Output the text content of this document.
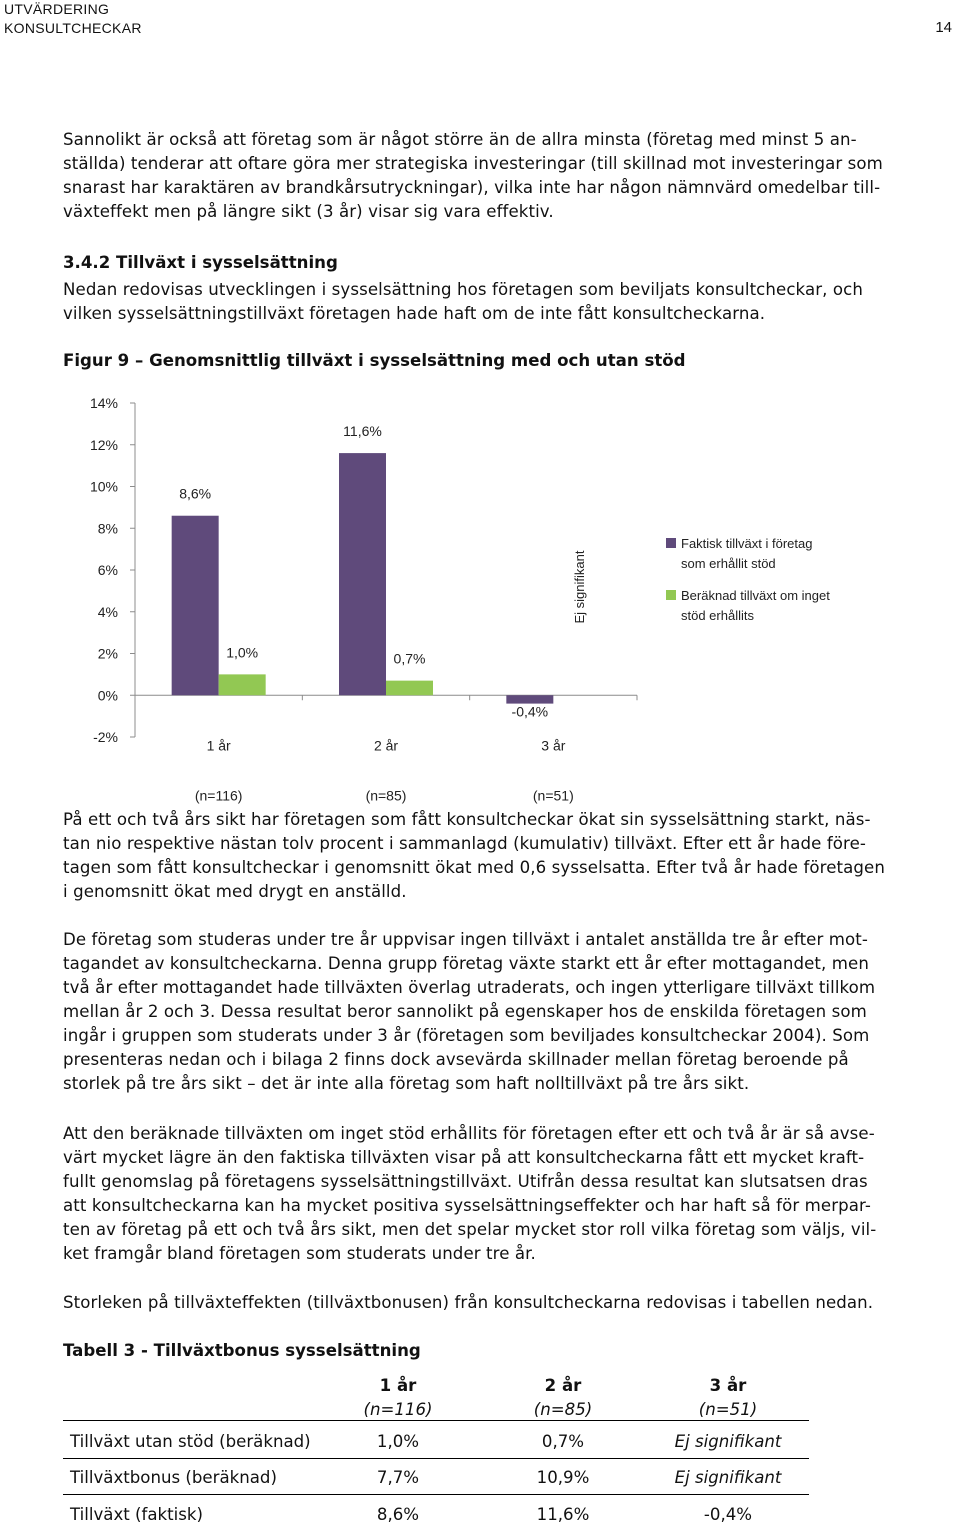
UTVÄRDERING
KONSULTCHECKAR	14
Sannolikt är också att företag som är något större än de allra minsta (företag med minst 5 an-
ställda) tenderar att oftare göra mer strategiska investeringar (till skillnad mot investeringar som
snarast har karaktären av brandkårsutryckningar), vilka inte har någon nämnvärd omedelbar till-
växteffekt men på längre sikt (3 år) visar sig vara effektiv.
3.4.2 Tillväxt i sysselsättning
Nedan redovisas utvecklingen i sysselsättning hos företagen som beviljats konsultcheckar, och
vilken sysselsättningstillväxt företagen hade haft om de inte fått konsultcheckarna.
Figur 9 – Genomsnittlig tillväxt i sysselsättning med och utan stöd
14%
12%
10%
8%
6%
4%
2%
0%
-2%
8,6%
1,0%
1 år
(n=116)
11,6%
0,7%
2 år
(n=85)
-0,4%
3 år
(n=51)
Ej signifikant
Faktisk tillväxt i företag som erhållit stöd
Beräknad tillväxt om inget stöd erhållits
På ett och två års sikt har företagen som fått konsultcheckar ökat sin sysselsättning starkt, näs-
tan nio respektive nästan tolv procent i sammanlagd (kumulativ) tillväxt. Efter ett år hade före-
tagen som fått konsultcheckar i genomsnitt ökat med 0,6 sysselsatta. Efter två år hade företagen
i genomsnitt ökat med drygt en anställd.
De företag som studeras under tre år uppvisar ingen tillväxt i antalet anställda tre år efter mot-
tagandet av konsultcheckarna. Denna grupp företag växte starkt ett år efter mottagandet, men
två år efter mottagandet hade tillväxten överlag utraderats, och ingen ytterligare tillväxt tillkom
mellan år 2 och 3. Dessa resultat beror sannolikt på egenskaper hos de enskilda företagen som
ingår i gruppen som studerats under 3 år (företagen som beviljades konsultcheckar 2004). Som
presenteras nedan och i bilaga 2 finns dock avsevärda skillnader mellan företag beroende på
storlek på tre års sikt – det är inte alla företag som haft nolltillväxt på tre års sikt.
Att den beräknade tillväxten om inget stöd erhållits för företagen efter ett och två år är så avse-
värt mycket lägre än den faktiska tillväxten visar på att konsultcheckarna fått ett mycket kraft-
fullt genomslag på företagens sysselsättningstillväxt. Utifrån dessa resultat kan slutsatsen dras
att konsultcheckarna kan ha mycket positiva sysselsättningseffekter och har haft så för merpar-
ten av företag på ett och två års sikt, men det spelar mycket stor roll vilka företag som väljs, vil-
ket framgår bland företagen som studerats under tre år.
Storleken på tillväxteffekten (tillväxtbonusen) från konsultcheckarna redovisas i tabellen nedan.
Tabell 3 - Tillväxtbonus sysselsättning
1 år	2 år	3 år
(n=116)	(n=85)	(n=51)
Tillväxt utan stöd (beräknad)	1,0%	0,7%	Ej signifikant
Tillväxtbonus (beräknad)	7,7%	10,9%	Ej signifikant
Tillväxt (faktisk)	8,6%	11,6%	-0,4%
